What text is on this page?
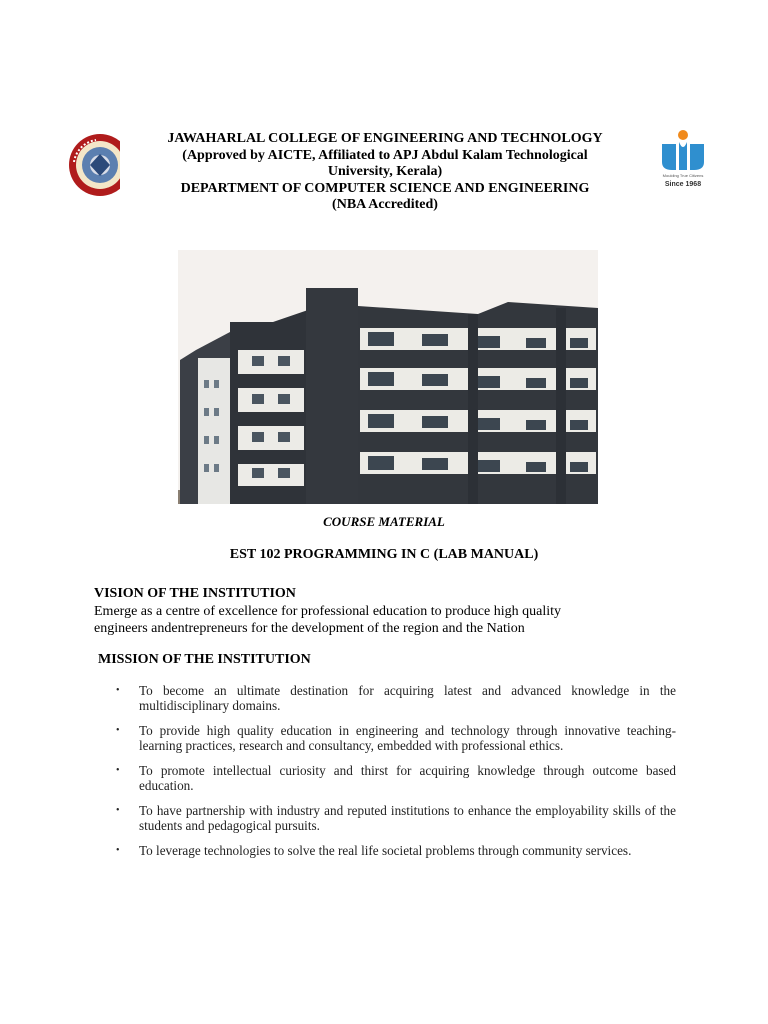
Moulding True Citizens
Since 1968
JAWAHARLAL COLLEGE OF ENGINEERING AND TECHNOLOGY
(Approved by AICTE, Affiliated to APJ Abdul Kalam Technological
University, Kerala)
DEPARTMENT OF COMPUTER SCIENCE AND ENGINEERING
(NBA Accredited)
COURSE MATERIAL
EST 102 PROGRAMMING IN C (LAB MANUAL)
VISION OF THE INSTITUTION
Emerge as a centre of excellence for professional education to produce high quality
engineers andentrepreneurs for the development of the region and the Nation
MISSION OF THE INSTITUTION
• To become an ultimate destination for acquiring latest and advanced knowledge in the multidisciplinary domains.
• To provide high quality education in engineering and technology through innovative teaching-learning practices, research and consultancy, embedded with professional ethics.
• To promote intellectual curiosity and thirst for acquiring knowledge through outcome based education.
• To have partnership with industry and reputed institutions to enhance the employability skills of the students and pedagogical pursuits.
• To leverage technologies to solve the real life societal problems through community services.
